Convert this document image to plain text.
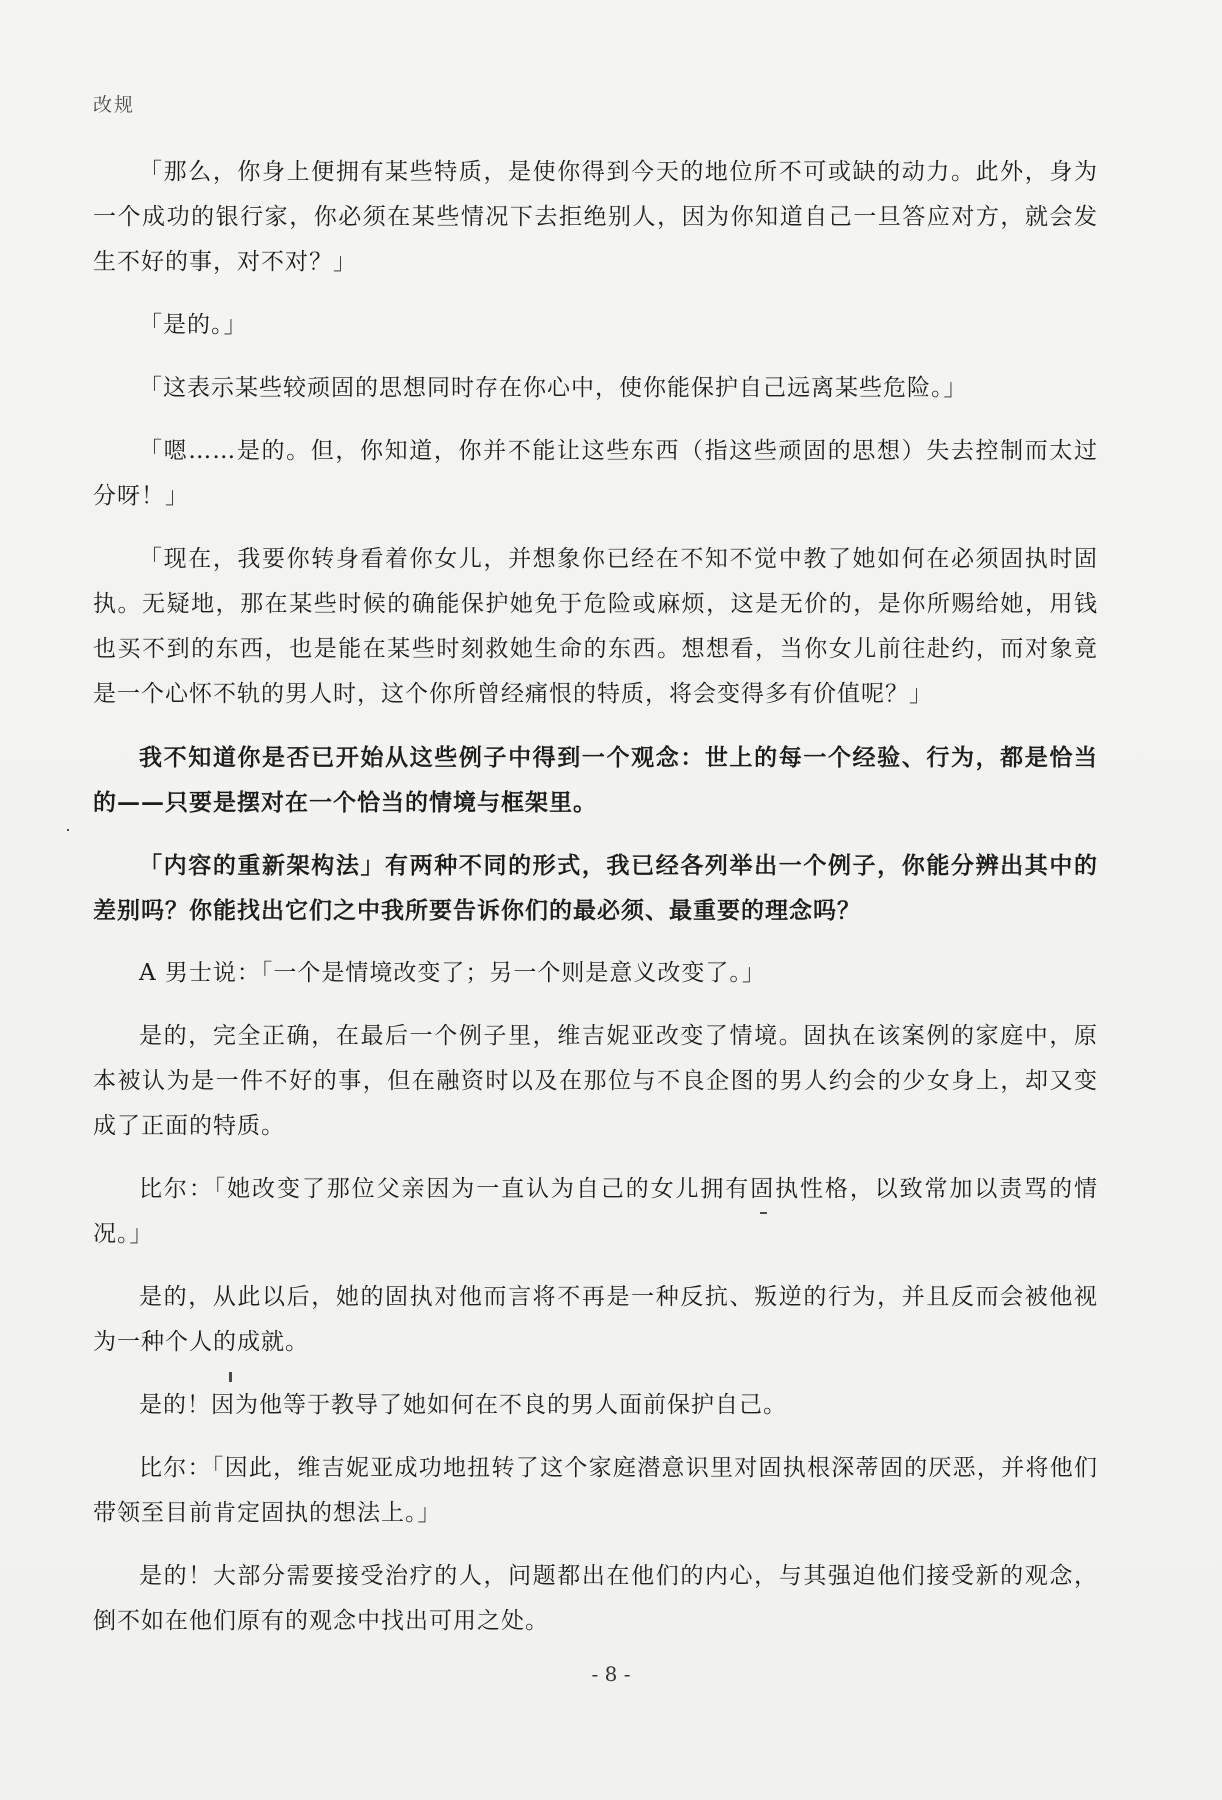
改规

「那么，你身上便拥有某些特质，是使你得到今天的地位所不可或缺的动力。此外，身为一个成功的银行家，你必须在某些情况下去拒绝别人，因为你知道自己一旦答应对方，就会发生不好的事，对不对？」

「是的。」

「这表示某些较顽固的思想同时存在你心中，使你能保护自己远离某些危险。」

「嗯……是的。但，你知道，你并不能让这些东西（指这些顽固的思想）失去控制而太过分呀！」

「现在，我要你转身看着你女儿，并想象你已经在不知不觉中教了她如何在必须固执时固执。无疑地，那在某些时候的确能保护她免于危险或麻烦，这是无价的，是你所赐给她，用钱也买不到的东西，也是能在某些时刻救她生命的东西。想想看，当你女儿前往赴约，而对象竟是一个心怀不轨的男人时，这个你所曾经痛恨的特质，将会变得多有价值呢？」

我不知道你是否已开始从这些例子中得到一个观念：世上的每一个经验、行为，都是恰当的——只要是摆对在一个恰当的情境与框架里。

「内容的重新架构法」有两种不同的形式，我已经各列举出一个例子，你能分辨出其中的差别吗？你能找出它们之中我所要告诉你们的最必须、最重要的理念吗？

A 男士说：「一个是情境改变了；另一个则是意义改变了。」

是的，完全正确，在最后一个例子里，维吉妮亚改变了情境。固执在该案例的家庭中，原本被认为是一件不好的事，但在融资时以及在那位与不良企图的男人约会的少女身上，却又变成了正面的特质。

比尔：「她改变了那位父亲因为一直认为自己的女儿拥有固执性格，以致常加以责骂的情况。」

是的，从此以后，她的固执对他而言将不再是一种反抗、叛逆的行为，并且反而会被他视为一种个人的成就。

是的！因为他等于教导了她如何在不良的男人面前保护自己。

比尔：「因此，维吉妮亚成功地扭转了这个家庭潜意识里对固执根深蒂固的厌恶，并将他们带领至目前肯定固执的想法上。」

是的！大部分需要接受治疗的人，问题都出在他们的内心，与其强迫他们接受新的观念，倒不如在他们原有的观念中找出可用之处。

- 8 -
